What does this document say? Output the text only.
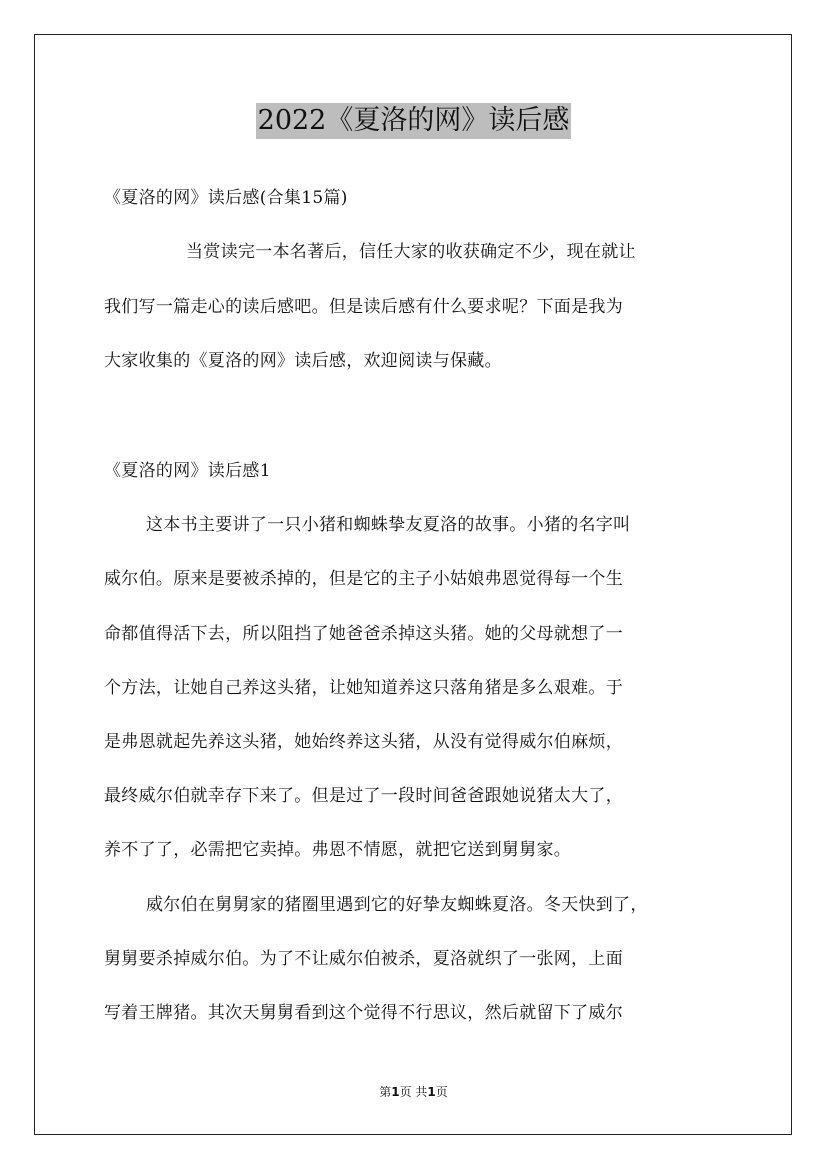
2022《夏洛的网》读后感
《夏洛的网》读后感(合集15篇)
当赏读完一本名著后，信任大家的收获确定不少，现在就让
我们写一篇走心的读后感吧。但是读后感有什么要求呢？下面是我为
大家收集的《夏洛的网》读后感，欢迎阅读与保藏。
《夏洛的网》读后感1
这本书主要讲了一只小猪和蜘蛛挚友夏洛的故事。小猪的名字叫
威尔伯。原来是要被杀掉的，但是它的主子小姑娘弗恩觉得每一个生
命都值得活下去，所以阻挡了她爸爸杀掉这头猪。她的父母就想了一
个方法，让她自己养这头猪，让她知道养这只落角猪是多么艰难。于
是弗恩就起先养这头猪，她始终养这头猪，从没有觉得威尔伯麻烦，
最终威尔伯就幸存下来了。但是过了一段时间爸爸跟她说猪太大了，
养不了了，必需把它卖掉。弗恩不情愿，就把它送到舅舅家。
威尔伯在舅舅家的猪圈里遇到它的好挚友蜘蛛夏洛。冬天快到了，
舅舅要杀掉威尔伯。为了不让威尔伯被杀，夏洛就织了一张网，上面
写着王牌猪。其次天舅舅看到这个觉得不行思议，然后就留下了威尔
第1页 共1页
